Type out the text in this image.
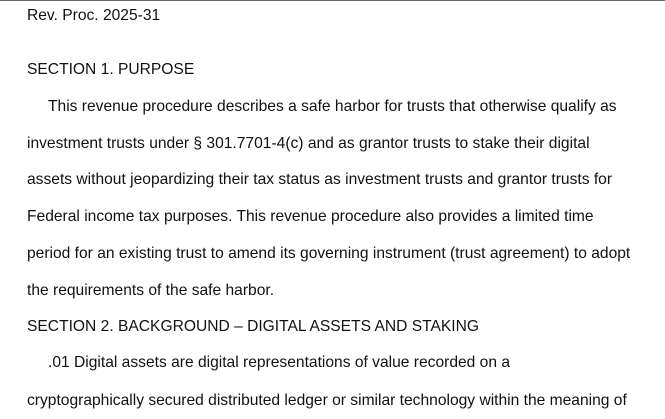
Rev. Proc. 2025-31
SECTION 1. PURPOSE
This revenue procedure describes a safe harbor for trusts that otherwise qualify as
investment trusts under § 301.7701-4(c) and as grantor trusts to stake their digital
assets without jeopardizing their tax status as investment trusts and grantor trusts for
Federal income tax purposes. This revenue procedure also provides a limited time
period for an existing trust to amend its governing instrument (trust agreement) to adopt
the requirements of the safe harbor.
SECTION 2. BACKGROUND – DIGITAL ASSETS AND STAKING
.01 Digital assets are digital representations of value recorded on a
cryptographically secured distributed ledger or similar technology within the meaning of
